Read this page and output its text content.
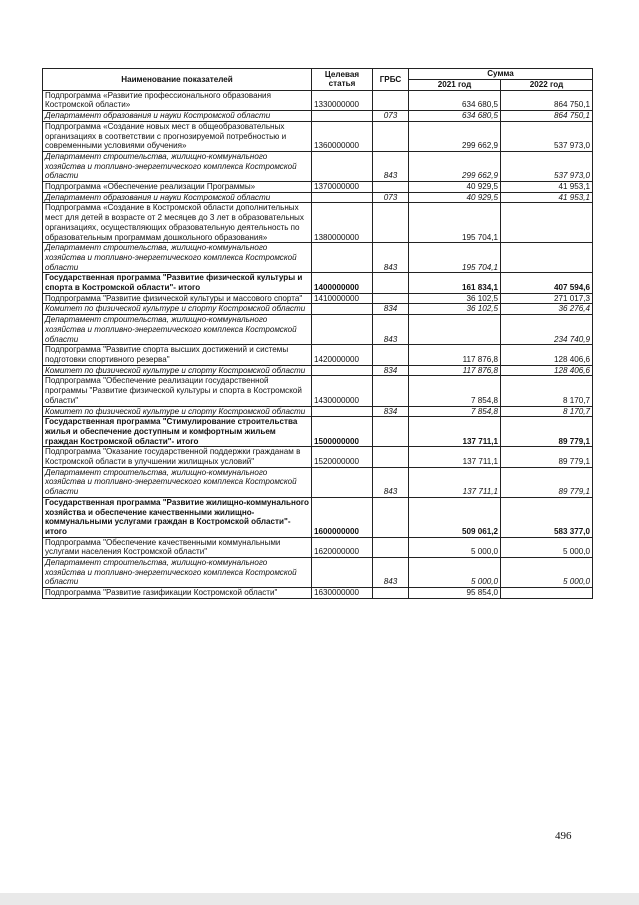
Наименование показателей	Целевая статья	ГРБС	Сумма	
			2021 год	2022 год
Подпрограмма «Развитие профессионального образования Костромской области»	1330000000		634 680,5	864 750,1
Департамент образования и науки Костромской области		073	634 680,5	864 750,1
Подпрограмма «Создание новых мест в общеобразовательных организациях в соответствии с прогнозируемой потребностью и современными условиями обучения»	1360000000		299 662,9	537 973,0
Департамент строительства, жилищно-коммунального хозяйства и топливно-энергетического комплекса Костромской области		843	299 662,9	537 973,0
Подпрограмма «Обеспечение реализации Программы»	1370000000		40 929,5	41 953,1
Департамент образования и науки Костромской области		073	40 929,5	41 953,1
Подпрограмма «Создание в Костромской области дополнительных мест для детей в возрасте от 2 месяцев до 3 лет в образовательных организациях, осуществляющих образовательную деятельность по образовательным программам дошкольного образования»	1380000000		195 704,1	
Департамент строительства, жилищно-коммунального хозяйства и топливно-энергетического комплекса Костромской области		843	195 704,1	
Государственная программа "Развитие физической культуры и спорта в Костромской области"- итого	1400000000		161 834,1	407 594,6
Подпрограмма "Развитие физической культуры и массового спорта"	1410000000		36 102,5	271 017,3
Комитет по физической культуре и спорту Костромской области		834	36 102,5	36 276,4
Департамент строительства, жилищно-коммунального хозяйства и топливно-энергетического комплекса Костромской области		843		234 740,9
Подпрограмма "Развитие спорта высших достижений и системы подготовки спортивного резерва"	1420000000		117 876,8	128 406,6
Комитет по физической культуре и спорту Костромской области		834	117 876,8	128 406,6
Подпрограмма "Обеспечение реализации государственной программы "Развитие физической культуры и спорта в Костромской области"	1430000000		7 854,8	8 170,7
Комитет по физической культуре и спорту Костромской области		834	7 854,8	8 170,7
Государственная программа "Стимулирование строительства жилья и обеспечение доступным и комфортным жильем граждан Костромской области"- итого	1500000000		137 711,1	89 779,1
Подпрограмма "Оказание государственной поддержки гражданам в Костромской области в улучшении жилищных условий"	1520000000		137 711,1	89 779,1
Департамент строительства, жилищно-коммунального хозяйства и топливно-энергетического комплекса Костромской области		843	137 711,1	89 779,1
Государственная программа "Развитие жилищно-коммунального хозяйства и обеспечение качественными жилищно-коммунальными услугами граждан в Костромской области"- итого	1600000000		509 061,2	583 377,0
Подпрограмма "Обеспечение качественными коммунальными услугами населения Костромской области"	1620000000		5 000,0	5 000,0
Департамент строительства, жилищно-коммунального хозяйства и топливно-энергетического комплекса Костромской области		843	5 000,0	5 000,0
Подпрограмма "Развитие газификации Костромской области"	1630000000		95 854,0	
496
